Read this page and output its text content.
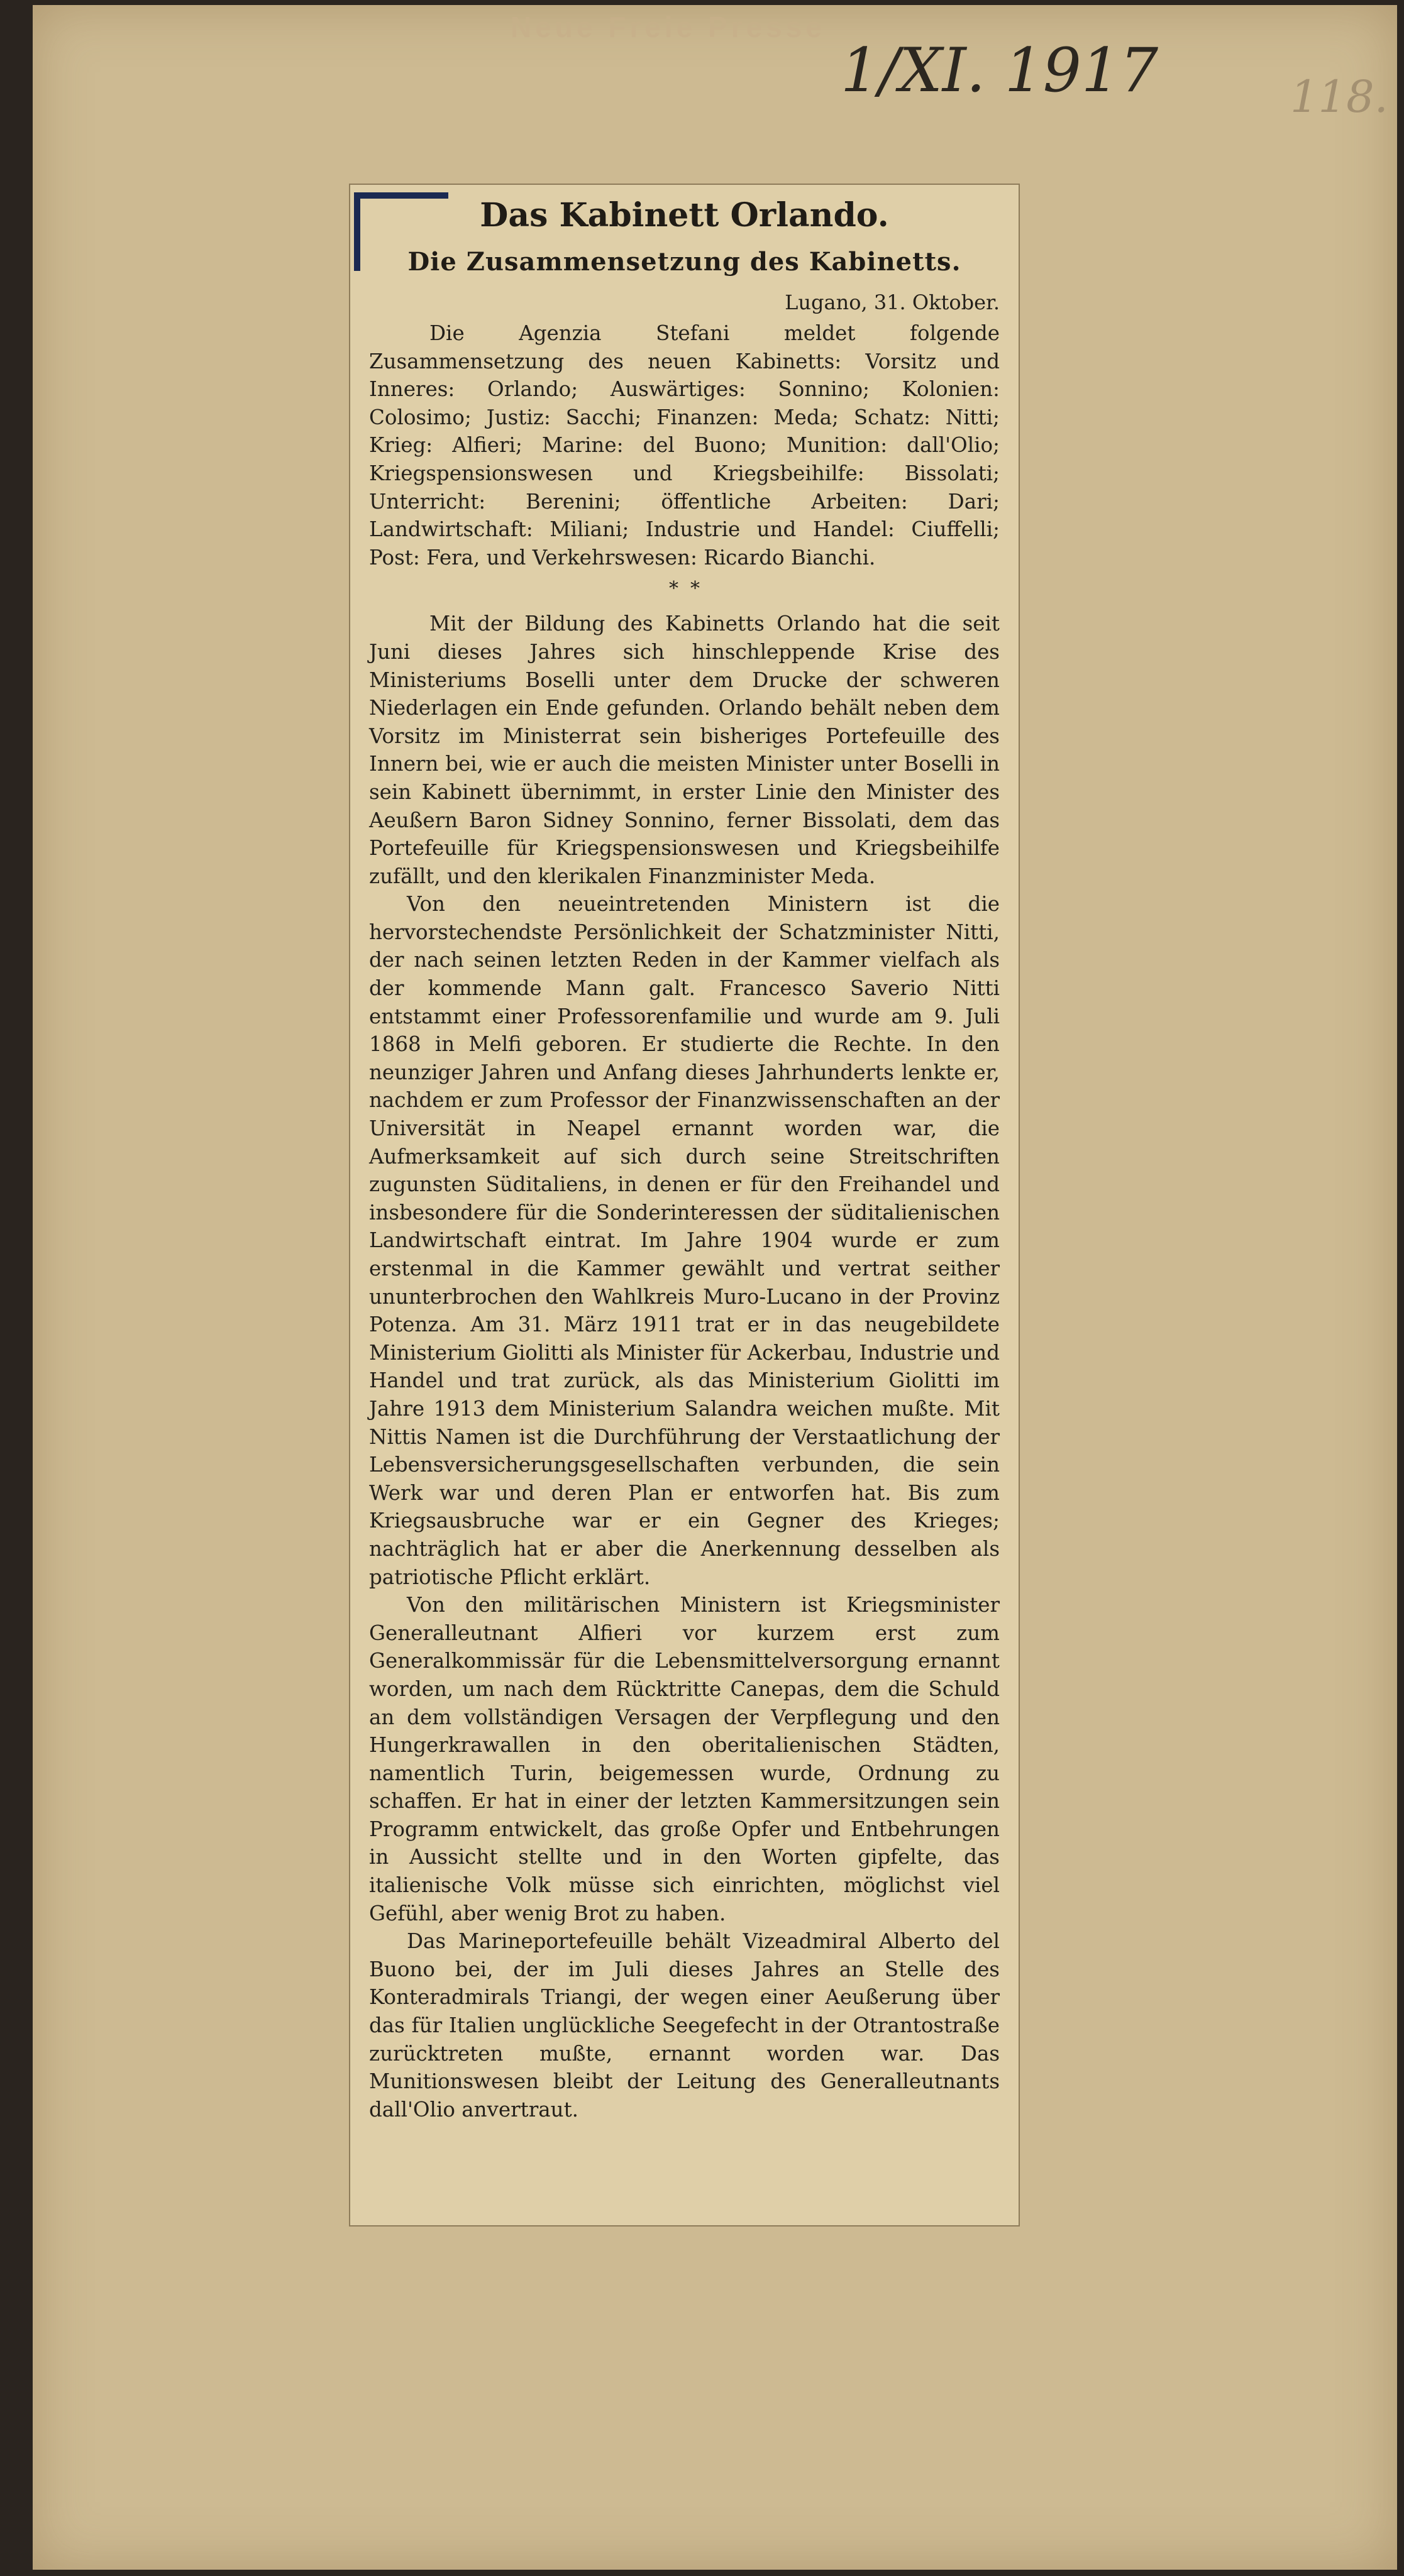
Neue Freie Presse
1/XI. 1917	118.
Das Kabinett Orlando.
Die Zusammensetzung des Kabinetts.
Lugano, 31. Oktober.

Die Agenzia Stefani meldet folgende Zusammensetzung des neuen Kabinetts: Vorsitz und Inneres: Orlando; Auswärtiges: Sonnino; Kolonien: Colosimo; Justiz: Sacchi; Finanzen: Meda; Schatz: Nitti; Krieg: Alfieri; Marine: del Buono; Munition: dall'Olio; Kriegspensionswesen und Kriegsbeihilfe: Bissolati; Unterricht: Berenini; öffentliche Arbeiten: Dari; Landwirtschaft: Miliani; Industrie und Handel: Ciuffelli; Post: Fera, und Verkehrswesen: Ricardo Bianchi.

*  *

Mit der Bildung des Kabinetts Orlando hat die seit Juni dieses Jahres sich hinschleppende Krise des Ministeriums Boselli unter dem Drucke der schweren Niederlagen ein Ende gefunden. Orlando behält neben dem Vorsitz im Ministerrat sein bisheriges Portefeuille des Innern bei, wie er auch die meisten Minister unter Boselli in sein Kabinett übernimmt, in erster Linie den Minister des Aeußern Baron Sidney Sonnino, ferner Bissolati, dem das Portefeuille für Kriegspensionswesen und Kriegsbeihilfe zufällt, und den klerikalen Finanzminister Meda.

Von den neueintretenden Ministern ist die hervorstechendste Persönlichkeit der Schatzminister Nitti, der nach seinen letzten Reden in der Kammer vielfach als der kommende Mann galt. Francesco Saverio Nitti entstammt einer Professorenfamilie und wurde am 9. Juli 1868 in Melfi geboren. Er studierte die Rechte. In den neunziger Jahren und Anfang dieses Jahrhunderts lenkte er, nachdem er zum Professor der Finanzwissenschaften an der Universität in Neapel ernannt worden war, die Aufmerksamkeit auf sich durch seine Streitschriften zugunsten Süditaliens, in denen er für den Freihandel und insbesondere für die Sonderinteressen der süditalienischen Landwirtschaft eintrat. Im Jahre 1904 wurde er zum erstenmal in die Kammer gewählt und vertrat seither ununterbrochen den Wahlkreis Muro-Lucano in der Provinz Potenza. Am 31. März 1911 trat er in das neugebildete Ministerium Giolitti als Minister für Ackerbau, Industrie und Handel und trat zurück, als das Ministerium Giolitti im Jahre 1913 dem Ministerium Salandra weichen mußte. Mit Nittis Namen ist die Durchführung der Verstaatlichung der Lebensversicherungsgesellschaften verbunden, die sein Werk war und deren Plan er entworfen hat. Bis zum Kriegsausbruche war er ein Gegner des Krieges; nachträglich hat er aber die Anerkennung desselben als patriotische Pflicht erklärt.

Von den militärischen Ministern ist Kriegsminister Generalleutnant Alfieri vor kurzem erst zum Generalkommissär für die Lebensmittelversorgung ernannt worden, um nach dem Rücktritte Canepas, dem die Schuld an dem vollständigen Versagen der Verpflegung und den Hungerkrawallen in den oberitalienischen Städten, namentlich Turin, beigemessen wurde, Ordnung zu schaffen. Er hat in einer der letzten Kammersitzungen sein Programm entwickelt, das große Opfer und Entbehrungen in Aussicht stellte und in den Worten gipfelte, das italienische Volk müsse sich einrichten, möglichst viel Gefühl, aber wenig Brot zu haben.

Das Marineportefeuille behält Vizeadmiral Alberto del Buono bei, der im Juli dieses Jahres an Stelle des Konteradmirals Triangi, der wegen einer Aeußerung über das für Italien unglückliche Seegefecht in der Otrantostraße zurücktreten mußte, ernannt worden war. Das Munitionswesen bleibt der Leitung des Generalleutnants dall'Olio anvertraut.
